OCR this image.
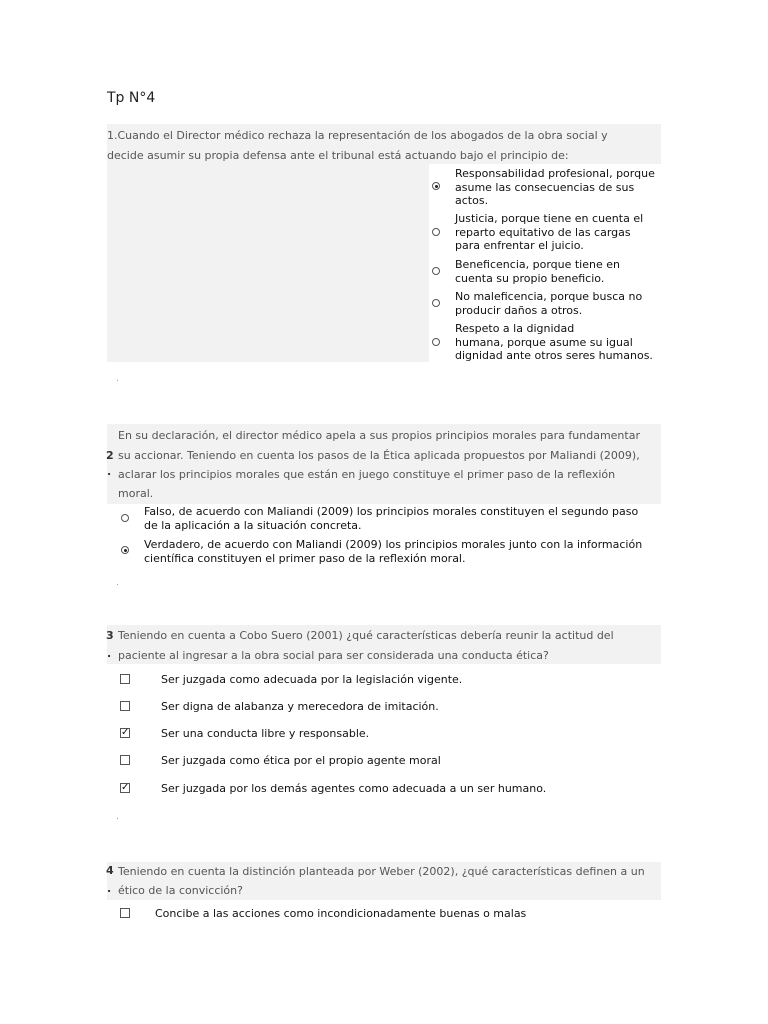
Tp N°4
1.Cuando el Director médico rechaza la representación de los abogados de la obra social y
decide asumir su propia defensa ante el tribunal está actuando bajo el principio de:
Responsabilidad profesional, porque
asume las consecuencias de sus
actos.
Justicia, porque tiene en cuenta el
reparto equitativo de las cargas
para enfrentar el juicio.
Beneficencia, porque tiene en
cuenta su propio beneficio.
No maleficencia, porque busca no
producir daños a otros.
Respeto a la dignidad
humana, porque asume su igual
dignidad ante otros seres humanos.
.
2
.
En su declaración, el director médico apela a sus propios principios morales para fundamentar
su accionar. Teniendo en cuenta los pasos de la Ética aplicada propuestos por Maliandi (2009),
aclarar los principios morales que están en juego constituye el primer paso de la reflexión
moral.
Falso, de acuerdo con Maliandi (2009) los principios morales constituyen el segundo paso
de la aplicación a la situación concreta.
Verdadero, de acuerdo con Maliandi (2009) los principios morales junto con la información
científica constituyen el primer paso de la reflexión moral.
.
3
.
Teniendo en cuenta a Cobo Suero (2001) ¿qué características debería reunir la actitud del
paciente al ingresar a la obra social para ser considerada una conducta ética?
Ser juzgada como adecuada por la legislación vigente.
Ser digna de alabanza y merecedora de imitación.
✓	Ser una conducta libre y responsable.
Ser juzgada como ética por el propio agente moral
✓	Ser juzgada por los demás agentes como adecuada a un ser humano.
.
4
.
Teniendo en cuenta la distinción planteada por Weber (2002), ¿qué características definen a un
ético de la convicción?
Concibe a las acciones como incondicionadamente buenas o malas
